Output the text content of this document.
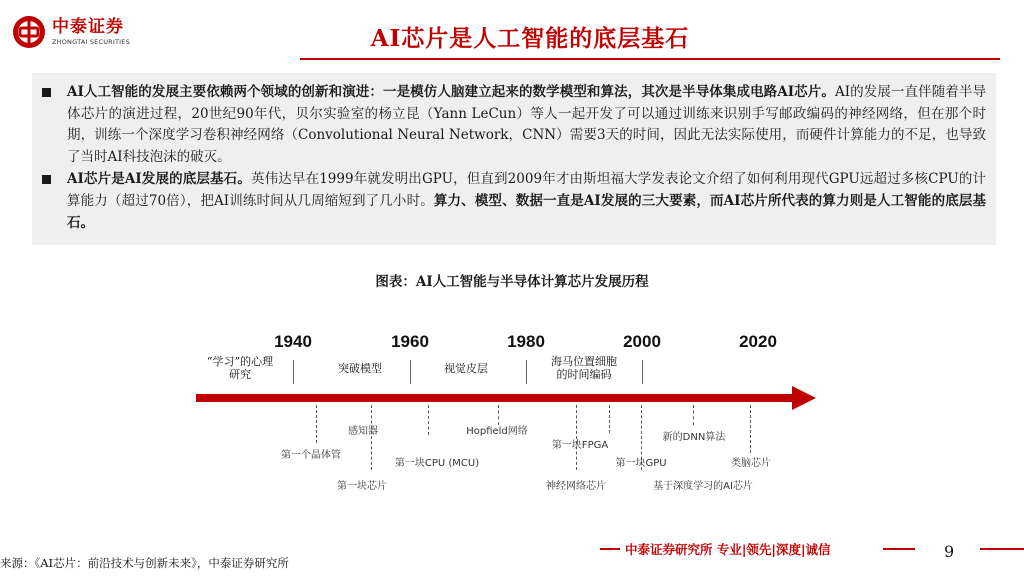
中泰证券
ZHONGTAI SECURITIES	AI芯片是人工智能的底层基石
AI人工智能的发展主要依赖两个领域的创新和演进：一是模仿人脑建立起来的数学模型和算法，其次是半导体集成电路AI芯片。AI的发展一直伴随着半导体芯片的演进过程，20世纪90年代，贝尔实验室的杨立昆（Yann LeCun）等人一起开发了可以通过训练来识别手写邮政编码的神经网络，但在那个时期，训练一个深度学习卷积神经网络（Convolutional Neural Network，CNN）需要3天的时间，因此无法实际使用，而硬件计算能力的不足，也导致了当时AI科技泡沫的破灭。
AI芯片是AI发展的底层基石。英伟达早在1999年就发明出GPU，但直到2009年才由斯坦福大学发表论文介绍了如何利用现代GPU远超过多核CPU的计算能力（超过70倍），把AI训练时间从几周缩短到了几小时。算力、模型、数据一直是AI发展的三大要素，而AI芯片所代表的算力则是人工智能的底层基石。
图表：AI人工智能与半导体计算芯片发展历程
1940	1960	1980	2000	2020
“学习”的心理
研究	突破模型	视觉皮层
海马位置细胞
的时间编码
感知器
第一个晶体管
第一块芯片
Hopfield网络
第一块CPU (MCU)
第一块FPGA
神经网络芯片
新的DNN算法
第一块GPU
基于深度学习的AI芯片
类脑芯片
中泰证券研究所 专业|领先|深度|诚信	9
来源：《AI芯片：前沿技术与创新未来》，中泰证券研究所
